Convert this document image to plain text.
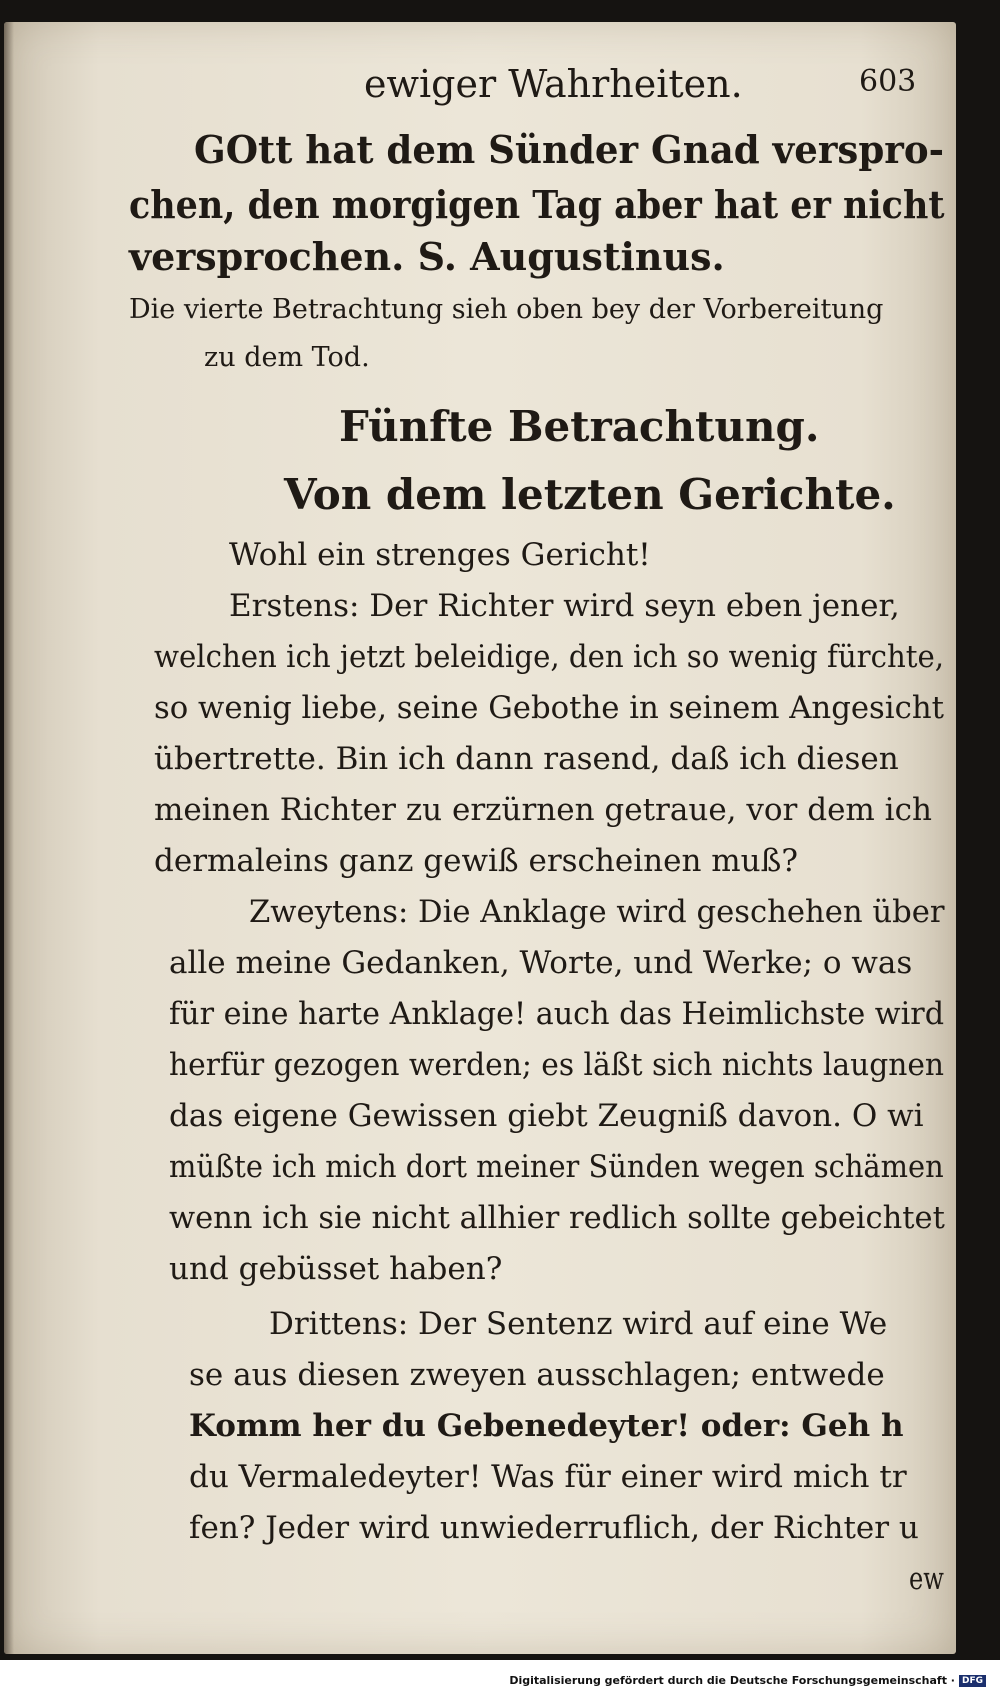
ewiger Wahrheiten.	603
GOtt hat dem Sünder Gnad verspro-
chen, den morgigen Tag aber hat er nicht
versprochen. S. Augustinus.
Die vierte Betrachtung sieh oben bey der Vorbereitung
zu dem Tod.
Fünfte Betrachtung.
Von dem letzten Gerichte.
Wohl ein strenges Gericht!
Erstens: Der Richter wird seyn eben jener,
welchen ich jetzt beleidige, den ich so wenig fürchte,
so wenig liebe, seine Gebothe in seinem Angesicht
übertrette. Bin ich dann rasend, daß ich diesen
meinen Richter zu erzürnen getraue, vor dem ich
dermaleins ganz gewiß erscheinen muß?
Zweytens: Die Anklage wird geschehen über
alle meine Gedanken, Worte, und Werke; o was
für eine harte Anklage! auch das Heimlichste wird
herfür gezogen werden; es läßt sich nichts laugnen
das eigene Gewissen giebt Zeugniß davon. O wi
müßte ich mich dort meiner Sünden wegen schämen
wenn ich sie nicht allhier redlich sollte gebeichtet
und gebüsset haben?
Drittens: Der Sentenz wird auf eine We
se aus diesen zweyen ausschlagen; entwede
Komm her du Gebenedeyter! oder: Geh h
du Vermaledeyter! Was für einer wird mich tr
fen? Jeder wird unwiederruflich, der Richter u
ew
Digitalisierung gefördert durch die Deutsche Forschungsgemeinschaft · DFG
